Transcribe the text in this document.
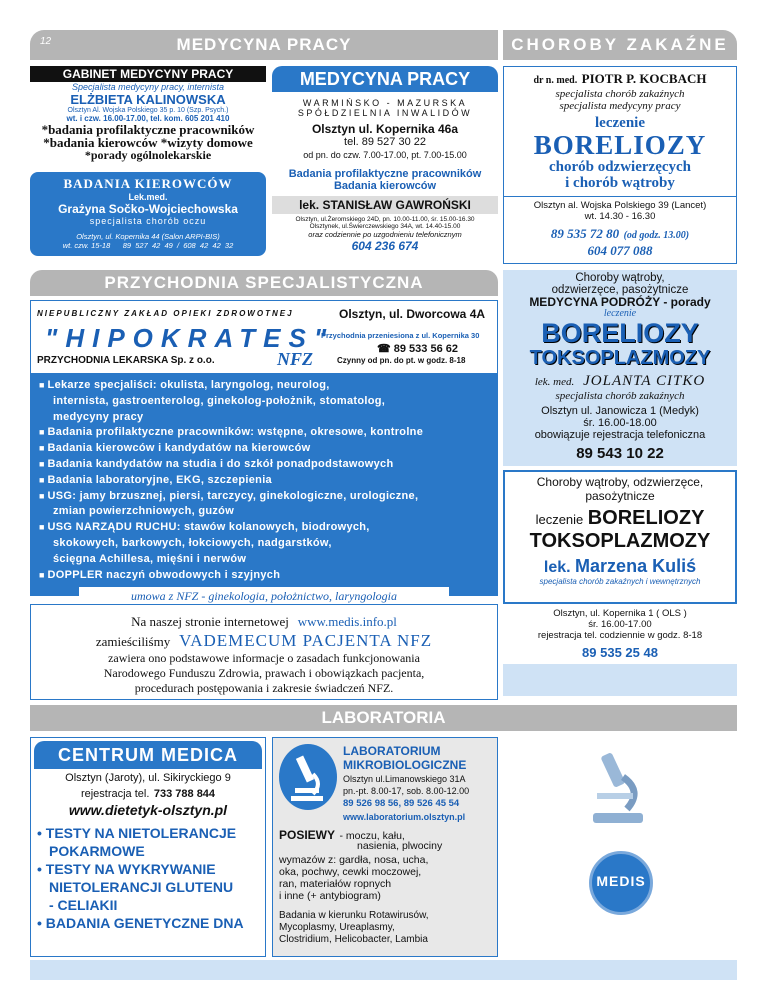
12	MEDYCYNA PRACY	CHOROBY ZAKAŹNE
GABINET MEDYCYNY PRACY
Specjalista medycyny pracy, internista
ELŻBIETA KALINOWSKA
Olsztyn Al. Wojska Polskiego 35 p. 10 (Szp. Psych.)
wt. i czw. 16.00-17.00, tel. kom. 605 201 410
*badania profilaktyczne pracowników
*badania kierowców *wizyty domowe
*porady ogólnolekarskie
MEDYCYNA PRACY
WARMIŃSKO - MAZURSKA
SPÓŁDZIELNIA INWALIDÓW
Olsztyn ul. Kopernika 46a
tel. 89 527 30 22
od pn. do czw. 7.00-17.00, pt. 7.00-15.00
BADANIA KIEROWCÓW
Lek.med.
Grażyna Sočko-Wojciechowska
specjalista chorób oczu
Olsztyn, ul. Kopernika 44 (Salon ARPI-BIS)
wt. czw. 15-18      89  527  42  49  /  608  42  42  32
Badania profilaktyczne pracowników
Badania kierowców
lek. STANISŁAW GAWROŃSKI
Olsztyn, ul.Żeromskiego 24D, pn. 10.00-11.00, śr. 15.00-16.30
Olsztynek, ul.Świerczewskiego 34A, wt. 14.40-15.00
oraz codziennie po uzgodnieniu telefonicznym
604 236 674
dr n. med. PIOTR P. KOCBACH
specjalista chorób zakaźnych
specjalista medycyny pracy
leczenie
BORELIOZY
chorób odzwierzęcych
i chorób wątroby
Olsztyn al. Wojska Polskiego 39 (Lancet)
wt. 14.30 - 16.30
89 535 72 80 (od godz. 13.00)
604 077 088
PRZYCHODNIA SPECJALISTYCZNA
NIEPUBLICZNY ZAKŁAD OPIEKI ZDROWOTNEJ	Olsztyn, ul. Dworcowa 4A
"HIPOKRATES"
Przychodnia przeniesiona z ul. Kopernika 30
☎ 89 533 56 62
PRZYCHODNIA LEKARSKA Sp. z o.o.	NFZ	Czynny od pn. do pt. w godz. 8-18
■ Lekarze specjaliści: okulista, laryngolog, neurolog,
internista, gastroenterolog, ginekolog-położnik, stomatolog,
medycyny pracy
■ Badania profilaktyczne pracowników: wstępne, okresowe, kontrolne
■ Badania kierowców i kandydatów na kierowców
■ Badania kandydatów na studia i do szkół ponadpodstawowych
■ Badania laboratoryjne, EKG, szczepienia
■ USG: jamy brzusznej, piersi, tarczycy, ginekologiczne, urologiczne,
zmian powierzchniowych, guzów
■ USG NARZĄDU RUCHU: stawów kolanowych, biodrowych,
skokowych, barkowych, łokciowych, nadgarstków,
ścięgna Achillesa, mięśni i nerwów
■ DOPPLER naczyń obwodowych i szyjnych
umowa z NFZ - ginekologia, położnictwo, laryngologia
Na naszej stronie internetowej www.medis.info.pl
zamieściliśmy VADEMECUM PACJENTA NFZ
zawiera ono podstawowe informacje o zasadach funkcjonowania
Narodowego Funduszu Zdrowia, prawach i obowiązkach pacjenta,
procedurach postępowania i zakresie świadczeń NFZ.
Choroby wątroby,
odzwierzęce, pasożytnicze
MEDYCYNA PODRÓŻY - porady
leczenie
BORELIOZY
TOKSOPLAZMOZY
lek. med. JOLANTA CITKO
specjalista chorób zakaźnych
Olsztyn ul. Janowicza 1 (Medyk)
śr. 16.00-18.00
obowiązuje rejestracja telefoniczna
89 543 10 22
Choroby wątroby, odzwierzęce,
pasożytnicze
leczenie BORELIOZY
TOKSOPLAZMOZY
lek. Marzena Kuliś
specjalista chorób zakaźnych i wewnętrznych
Olsztyn, ul. Kopernika 1 ( OLS )
śr. 16.00-17.00
rejestracja tel. codziennie w godz. 8-18
89 535 25 48
LABORATORIA
CENTRUM MEDICA
Olsztyn (Jaroty), ul. Sikiryckiego 9
rejestracja tel. 733 788 844
www.dietetyk-olsztyn.pl
• TESTY NA NIETOLERANCJE
POKARMOWE
• TESTY NA WYKRYWANIE
NIETOLERANCJI GLUTENU
- CELIAKII
• BADANIA GENETYCZNE DNA
LABORATORIUM
MIKROBIOLOGICZNE
Olsztyn ul.Limanowskiego 31A
pn.-pt. 8.00-17, sob. 8.00-12.00
89 526 98 56, 89 526 45 54
www.laboratorium.olsztyn.pl
POSIEWY - moczu, kału,
nasienia, plwociny
wymazów z: gardła, nosa, ucha,
oka, pochwy, cewki moczowej,
ran, materiałów ropnych
i inne (+ antybiogram)
Badania w kierunku Rotawirusów,
Mycoplasmy, Ureaplasmy,
Clostridium, Helicobacter, Lambia
MEDIS
